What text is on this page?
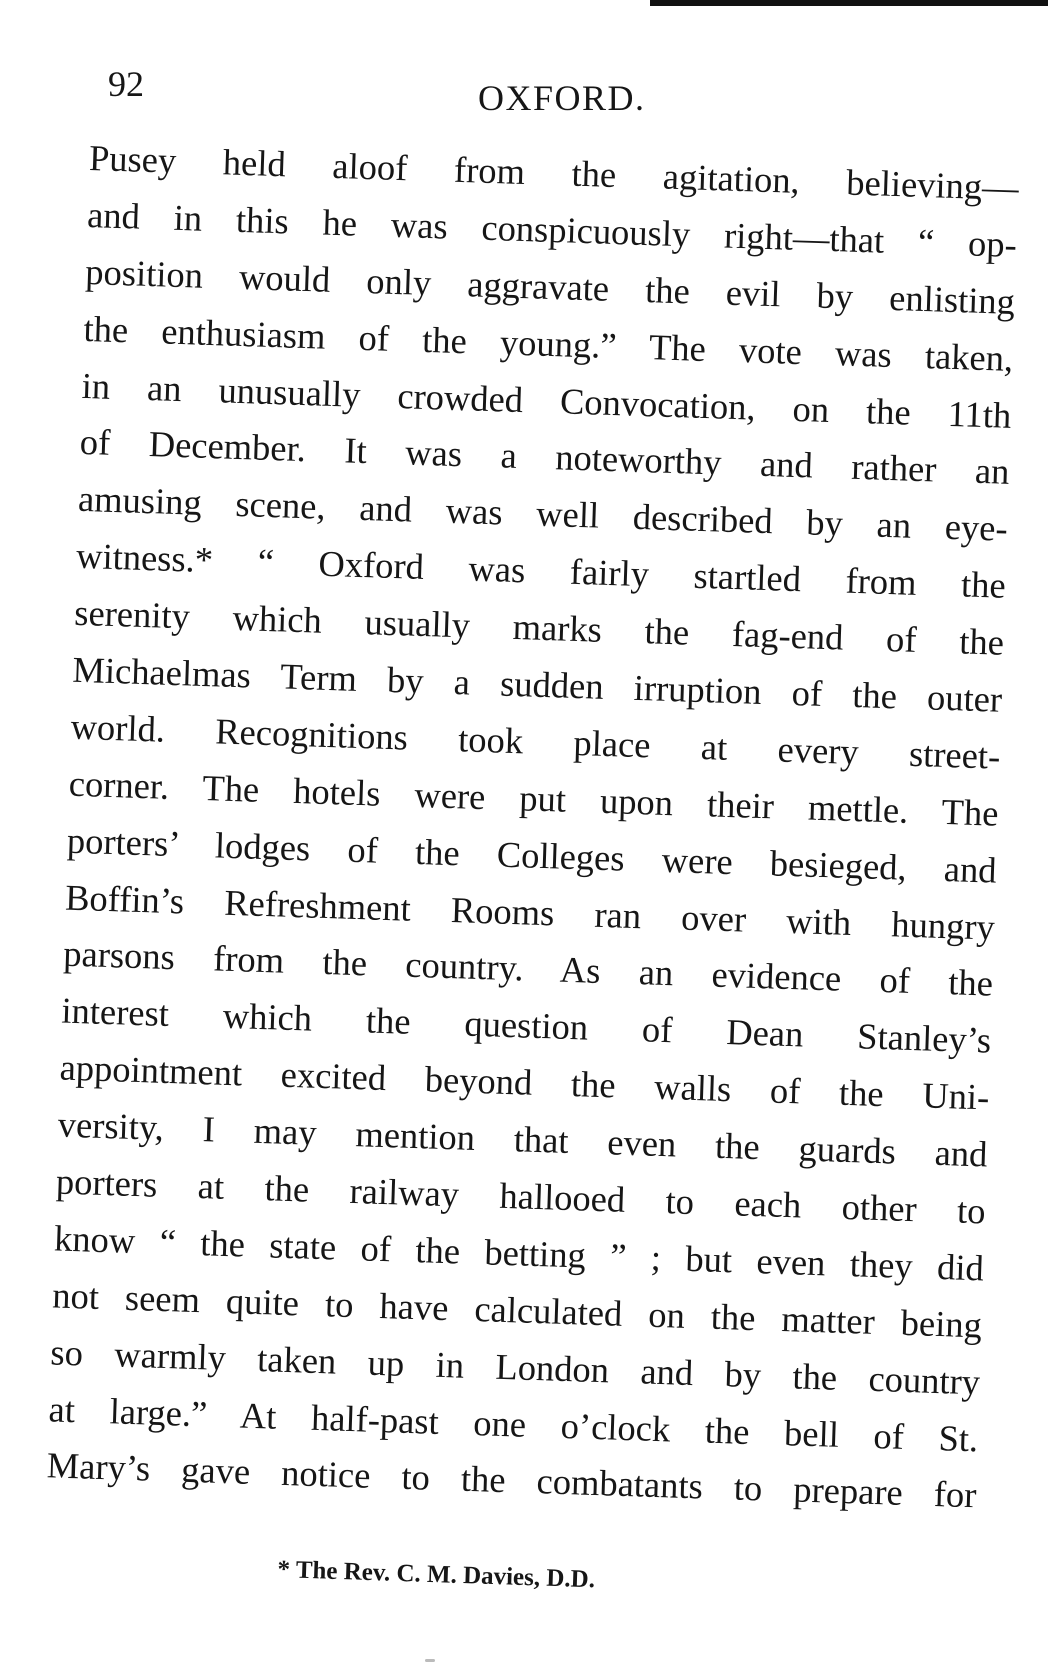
92	OXFORD.
Pusey held aloof from the agitation, believing—
and in this he was conspicuously right—that “ op-
position would only aggravate the evil by enlisting
the enthusiasm of the young.” The vote was taken,
in an unusually crowded Convocation, on the 11th
of December. It was a noteworthy and rather an
amusing scene, and was well described by an eye-
witness.* “ Oxford was fairly startled from the
serenity which usually marks the fag-end of the
Michaelmas Term by a sudden irruption of the outer
world. Recognitions took place at every street-
corner. The hotels were put upon their mettle. The
porters’ lodges of the Colleges were besieged, and
Boffin’s Refreshment Rooms ran over with hungry
parsons from the country. As an evidence of the
interest which the question of Dean Stanley’s
appointment excited beyond the walls of the Uni-
versity, I may mention that even the guards and
porters at the railway hallooed to each other to
know “ the state of the betting ” ; but even they did
not seem quite to have calculated on the matter being
so warmly taken up in London and by the country
at large.” At half-past one o’clock the bell of St.
Mary’s gave notice to the combatants to prepare for
* The Rev. C. M. Davies, D.D.
